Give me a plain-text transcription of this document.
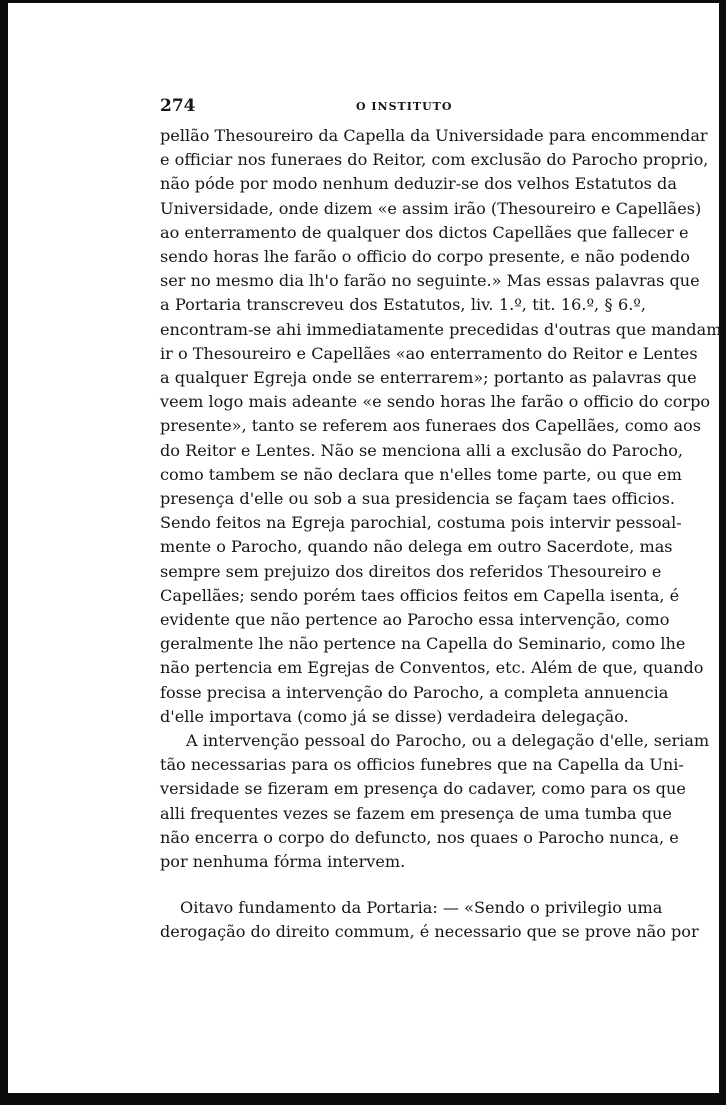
274	O INSTITUTO
pellão Thesoureiro da Capella da Universidade para encommendar
e officiar nos funeraes do Reitor, com exclusão do Parocho proprio,
não póde por modo nenhum deduzir-se dos velhos Estatutos da
Universidade, onde dizem «e assim irão (Thesoureiro e Capellães)
ao enterramento de qualquer dos dictos Capellães que fallecer e
sendo horas lhe farão o officio do corpo presente, e não podendo
ser no mesmo dia lh'o farão no seguinte.» Mas essas palavras que
a Portaria transcreveu dos Estatutos, liv. 1.º, tit. 16.º, § 6.º,
encontram-se ahi immediatamente precedidas d'outras que mandam
ir o Thesoureiro e Capellães «ao enterramento do Reitor e Lentes
a qualquer Egreja onde se enterrarem»; portanto as palavras que
veem logo mais adeante «e sendo horas lhe farão o officio do corpo
presente», tanto se referem aos funeraes dos Capellães, como aos
do Reitor e Lentes. Não se menciona alli a exclusão do Parocho,
como tambem se não declara que n'elles tome parte, ou que em
presença d'elle ou sob a sua presidencia se façam taes officios.
Sendo feitos na Egreja parochial, costuma pois intervir pessoal-
mente o Parocho, quando não delega em outro Sacerdote, mas
sempre sem prejuizo dos direitos dos referidos Thesoureiro e
Capellães; sendo porém taes officios feitos em Capella isenta, é
evidente que não pertence ao Parocho essa intervenção, como
geralmente lhe não pertence na Capella do Seminario, como lhe
não pertencia em Egrejas de Conventos, etc. Além de que, quando
fosse precisa a intervenção do Parocho, a completa annuencia
d'elle importava (como já se disse) verdadeira delegação.
A intervenção pessoal do Parocho, ou a delegação d'elle, seriam
tão necessarias para os officios funebres que na Capella da Uni-
versidade se fizeram em presença do cadaver, como para os que
alli frequentes vezes se fazem em presença de uma tumba que
não encerra o corpo do defuncto, nos quaes o Parocho nunca, e
por nenhuma fórma intervem.
Oitavo fundamento da Portaria: — «Sendo o privilegio uma
derogação do direito commum, é necessario que se prove não por
